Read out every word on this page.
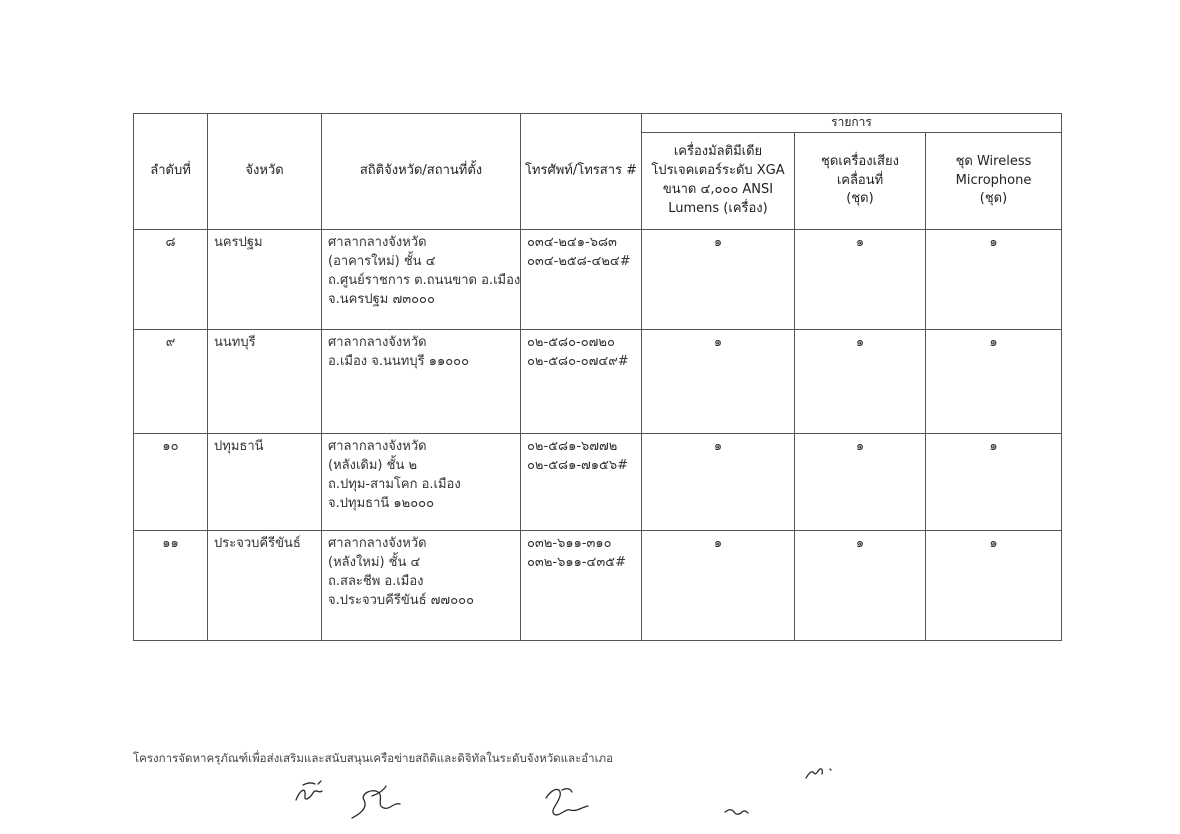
ลำดับที่	จังหวัด	สถิติจังหวัด/สถานที่ตั้ง	โทรศัพท์/โทรสาร #	รายการ		

				เครื่องมัลติมีเดีย
โปรเจคเตอร์ระดับ XGA
ขนาด ๔,๐๐๐ ANSI
Lumens (เครื่อง)	ชุดเครื่องเสียง
เคลื่อนที่
(ชุด)	ชุด Wireless
Microphone
(ชุด)

๘	นครปฐม	ศาลากลางจังหวัด
(อาคารใหม่) ชั้น ๔
ถ.ศูนย์ราชการ ต.ถนนขาด อ.เมือง
จ.นครปฐม ๗๓๐๐๐	๐๓๔-๒๔๑-๖๘๓
๐๓๔-๒๕๘-๔๒๔#	๑	๑	๑
๙	นนทบุรี	ศาลากลางจังหวัด
อ.เมือง จ.นนทบุรี ๑๑๐๐๐	๐๒-๕๘๐-๐๗๒๐
๐๒-๕๘๐-๐๗๔๙#	๑	๑	๑
๑๐	ปทุมธานี	ศาลากลางจังหวัด
(หลังเดิม) ชั้น ๒
ถ.ปทุม-สามโคก อ.เมือง
จ.ปทุมธานี ๑๒๐๐๐	๐๒-๕๘๑-๖๗๗๒
๐๒-๕๘๑-๗๑๕๖#	๑	๑	๑
๑๑	ประจวบคีรีขันธ์	ศาลากลางจังหวัด
(หลังใหม่) ชั้น ๔
ถ.สละชีพ อ.เมือง
จ.ประจวบคีรีขันธ์ ๗๗๐๐๐	๐๓๒-๖๑๑-๓๑๐
๐๓๒-๖๑๑-๔๓๕#	๑	๑	๑
โครงการจัดหาครุภัณฑ์เพื่อส่งเสริมและสนับสนุนเครือข่ายสถิติและดิจิทัลในระดับจังหวัดและอำเภอ
